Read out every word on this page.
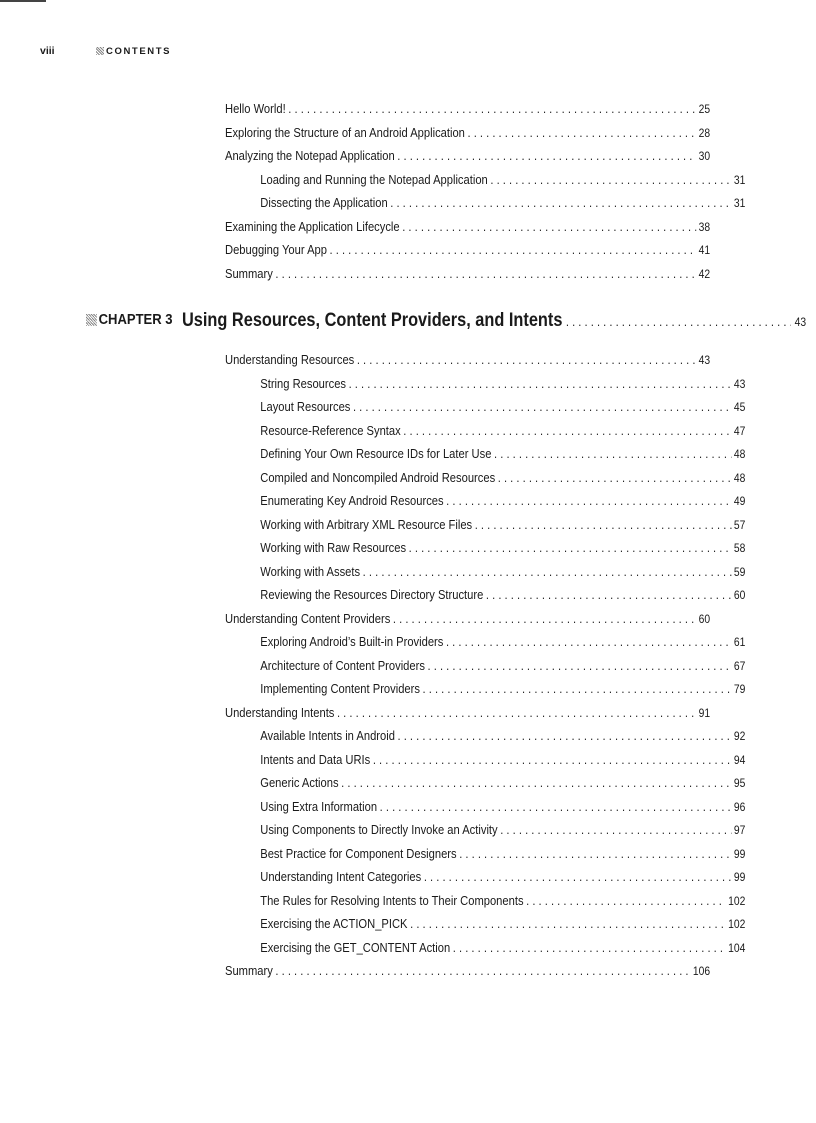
viii	CONTENTS
Hello World! . . .	25
Exploring the Structure of an Android Application . . .	28
Analyzing the Notepad Application . . .	30
Loading and Running the Notepad Application . . .	31
Dissecting the Application . . .	31
Examining the Application Lifecycle . . .	38
Debugging Your App . . .	41
Summary . . .	42
CHAPTER 3 Using Resources, Content Providers, and Intents . . .	43
Understanding Resources . . .	43
String Resources . . .	43
Layout Resources . . .	45
Resource-Reference Syntax . . .	47
Defining Your Own Resource IDs for Later Use . . .	48
Compiled and Noncompiled Android Resources . . .	48
Enumerating Key Android Resources . . .	49
Working with Arbitrary XML Resource Files . . .	57
Working with Raw Resources . . .	58
Working with Assets . . .	59
Reviewing the Resources Directory Structure . . .	60
Understanding Content Providers . . .	60
Exploring Android’s Built-in Providers . . .	61
Architecture of Content Providers . . .	67
Implementing Content Providers . . .	79
Understanding Intents . . .	91
Available Intents in Android . . .	92
Intents and Data URIs . . .	94
Generic Actions . . .	95
Using Extra Information . . .	96
Using Components to Directly Invoke an Activity . . .	97
Best Practice for Component Designers . . .	99
Understanding Intent Categories . . .	99
The Rules for Resolving Intents to Their Components . . .	102
Exercising the ACTION_PICK . . .	102
Exercising the GET_CONTENT Action . . .	104
Summary . . .	106
